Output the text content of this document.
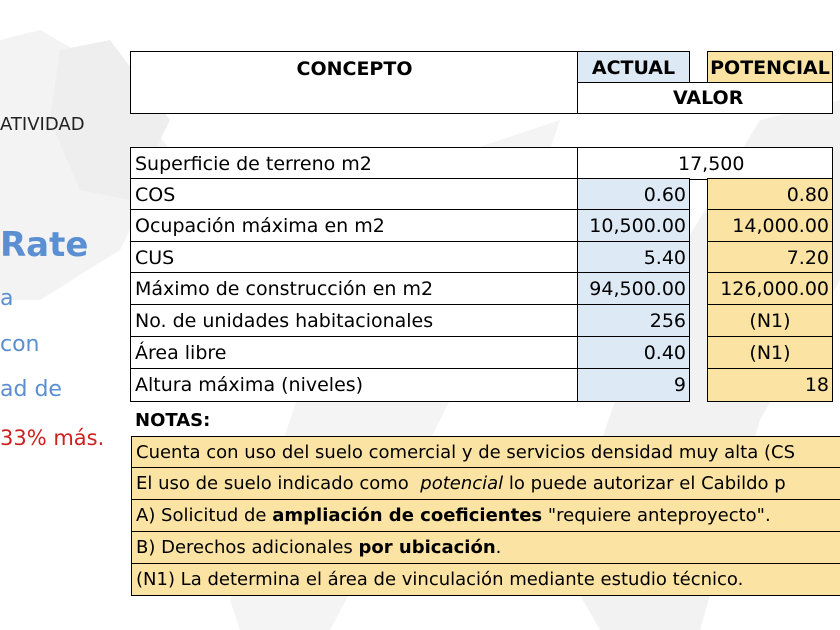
ATIVIDAD
Rate
a
con
ad de
33% más.
CONCEPTO	ACTUAL	POTENCIAL
VALOR
Superficie de terreno m2	17,500
COS	0.60	0.80
Ocupación máxima en m2	10,500.00	14,000.00
CUS	5.40	7.20
Máximo de construcción en m2	94,500.00	126,000.00
No. de unidades habitacionales	256	(N1)
Área libre	0.40	(N1)
Altura máxima (niveles)	9	18
NOTAS:
Cuenta con uso del suelo comercial y de servicios densidad muy alta (CS
El uso de suelo indicado como
potencial
lo puede autorizar el Cabildo p
A) Solicitud de
ampliación de coeficientes
"requiere anteproyecto".
B) Derechos adicionales
por ubicación .
(N1) La determina el área de vinculación mediante estudio técnico.
